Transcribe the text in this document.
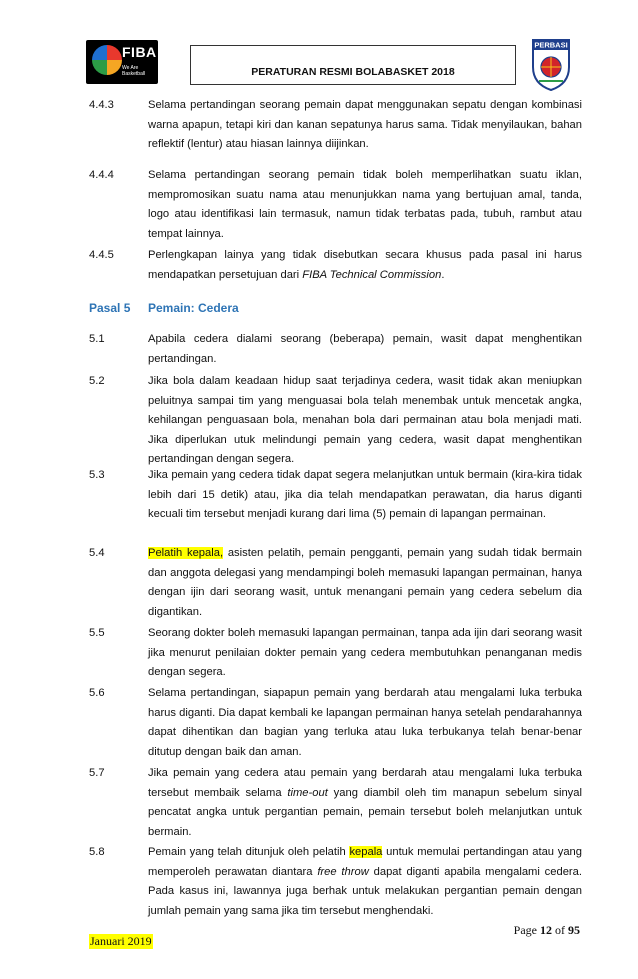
FIBA
We Are Basketball	PERATURAN RESMI BOLABASKET 2018
PERBASI
4.4.3	Selama pertandingan seorang pemain dapat menggunakan sepatu dengan kombinasi warna apapun, tetapi kiri dan kanan sepatunya harus sama. Tidak menyilaukan, bahan reflektif (lentur) atau hiasan lainnya diijinkan.
4.4.4	Selama pertandingan seorang pemain tidak boleh memperlihatkan suatu iklan, mempromosikan suatu nama atau menunjukkan nama yang bertujuan amal, tanda, logo atau identifikasi lain termasuk, namun tidak terbatas pada, tubuh, rambut atau tempat lainnya.
4.4.5	Perlengkapan lainya yang tidak disebutkan secara khusus pada pasal ini harus mendapatkan persetujuan dari FIBA Technical Commission.
Pasal 5	Pemain: Cedera
5.1	Apabila cedera dialami seorang (beberapa) pemain, wasit dapat menghentikan pertandingan.
5.2	Jika bola dalam keadaan hidup saat terjadinya cedera, wasit tidak akan meniupkan peluitnya sampai tim yang menguasai bola telah menembak untuk mencetak angka, kehilangan penguasaan bola, menahan bola dari permainan atau bola menjadi mati. Jika diperlukan utuk melindungi pemain yang cedera, wasit dapat menghentikan pertandingan dengan segera.
5.3	Jika pemain yang cedera tidak dapat segera melanjutkan untuk bermain (kira-kira tidak lebih dari 15 detik) atau, jika dia telah mendapatkan perawatan, dia harus diganti kecuali tim tersebut menjadi kurang dari lima (5) pemain di lapangan permainan.
5.4	Pelatih kepala, asisten pelatih, pemain pengganti, pemain yang sudah tidak bermain dan anggota delegasi yang mendampingi boleh memasuki lapangan permainan, hanya dengan ijin dari seorang wasit, untuk menangani pemain yang cedera sebelum dia digantikan.
5.5	Seorang dokter boleh memasuki lapangan permainan, tanpa ada ijin dari seorang wasit jika menurut penilaian dokter pemain yang cedera membutuhkan penanganan medis dengan segera.
5.6	Selama pertandingan, siapapun pemain yang berdarah atau mengalami luka terbuka harus diganti. Dia dapat kembali ke lapangan permainan hanya setelah pendarahannya dapat dihentikan dan bagian yang terluka atau luka terbukanya telah benar-benar ditutup dengan baik dan aman.
5.7	Jika pemain yang cedera atau pemain yang berdarah atau mengalami luka terbuka tersebut membaik selama time-out yang diambil oleh tim manapun sebelum sinyal pencatat angka untuk pergantian pemain, pemain tersebut boleh melanjutkan untuk bermain.
5.8	Pemain yang telah ditunjuk oleh pelatih kepala untuk memulai pertandingan atau yang memperoleh perawatan diantara free throw dapat diganti apabila mengalami cedera. Pada kasus ini, lawannya juga berhak untuk melakukan pergantian pemain dengan jumlah pemain yang sama jika tim tersebut menghendaki.
Page 12 of 95
Januari 2019
